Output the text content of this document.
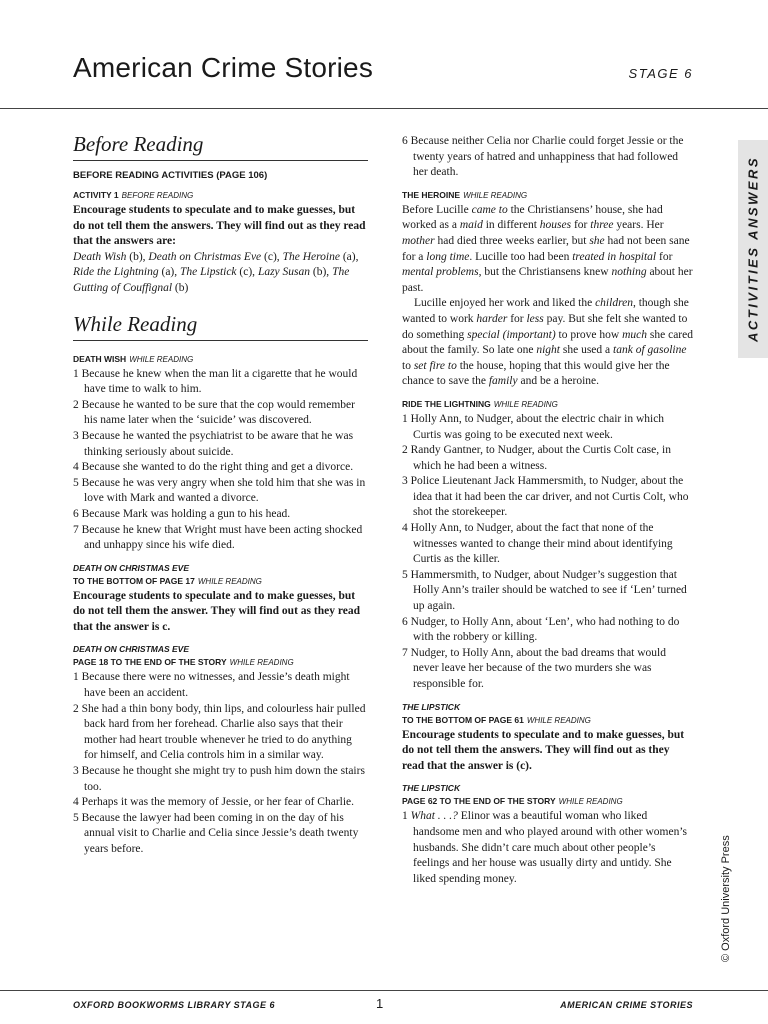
American Crime Stories	STAGE 6
ACTIVITIES ANSWERS
© Oxford University Press
Before Reading
BEFORE READING ACTIVITIES (PAGE 106)
ACTIVITY 1 BEFORE READING

Encourage students to speculate and to make guesses, but do not tell them the answers. They will find out as they read that the answers are:

Death Wish (b), Death on Christmas Eve (c), The Heroine (a), Ride the Lightning (a), The Lipstick (c), Lazy Susan (b), The Gutting of Couffignal (b)

While Reading
DEATH WISH WHILE READING
1 Because he knew when the man lit a cigarette that he would have time to walk to him.
2 Because he wanted to be sure that the cop would remember his name later when the ‘suicide’ was discovered.
3 Because he wanted the psychiatrist to be aware that he was thinking seriously about suicide.
4 Because she wanted to do the right thing and get a divorce.
5 Because he was very angry when she told him that she was in love with Mark and wanted a divorce.
6 Because Mark was holding a gun to his head.
7 Because he knew that Wright must have been acting shocked and unhappy since his wife died.
DEATH ON CHRISTMAS EVE
TO THE BOTTOM OF PAGE 17 WHILE READING

Encourage students to speculate and to make guesses, but do not tell them the answer. They will find out as they read that the answer is c.

DEATH ON CHRISTMAS EVE
PAGE 18 TO THE END OF THE STORY WHILE READING
1 Because there were no witnesses, and Jessie’s death might have been an accident.
2 She had a thin bony body, thin lips, and colourless hair pulled back hard from her forehead. Charlie also says that their mother had heart trouble whenever he tried to do anything for himself, and Celia controls him in a similar way.
3 Because he thought she might try to push him down the stairs too.
4 Perhaps it was the memory of Jessie, or her fear of Charlie.
5 Because the lawyer had been coming in on the day of his annual visit to Charlie and Celia since Jessie’s death twenty years before.
6 Because neither Celia nor Charlie could forget Jessie or the twenty years of hatred and unhappiness that had followed her death.
THE HEROINE WHILE READING

Before Lucille came to the Christiansens’ house, she had worked as a maid in different houses for three years. Her mother had died three weeks earlier, but she had not been sane for a long time. Lucille too had been treated in hospital for mental problems, but the Christiansens knew nothing about her past.

Lucille enjoyed her work and liked the children, though she wanted to work harder for less pay. But she felt she wanted to do something special (important) to prove how much she cared about the family. So late one night she used a tank of gasoline to set fire to the house, hoping that this would give her the chance to save the family and be a heroine.

RIDE THE LIGHTNING WHILE READING
1 Holly Ann, to Nudger, about the electric chair in which Curtis was going to be executed next week.
2 Randy Gantner, to Nudger, about the Curtis Colt case, in which he had been a witness.
3 Police Lieutenant Jack Hammersmith, to Nudger, about the idea that it had been the car driver, and not Curtis Colt, who shot the storekeeper.
4 Holly Ann, to Nudger, about the fact that none of the witnesses wanted to change their mind about identifying Curtis as the killer.
5 Hammersmith, to Nudger, about Nudger’s suggestion that Holly Ann’s trailer should be watched to see if ‘Len’ turned up again.
6 Nudger, to Holly Ann, about ‘Len’, who had nothing to do with the robbery or killing.
7 Nudger, to Holly Ann, about the bad dreams that would never leave her because of the two murders she was responsible for.
THE LIPSTICK
TO THE BOTTOM OF PAGE 61 WHILE READING

Encourage students to speculate and to make guesses, but do not tell them the answers. They will find out as they read that the answer is (c).

THE LIPSTICK
PAGE 62 TO THE END OF THE STORY WHILE READING
1 What . . .? Elinor was a beautiful woman who liked handsome men and who played around with other women’s husbands. She didn’t care much about other people’s feelings and her house was usually dirty and untidy. She liked spending money.
OXFORD BOOKWORMS LIBRARY STAGE 6	1	AMERICAN CRIME STORIES
